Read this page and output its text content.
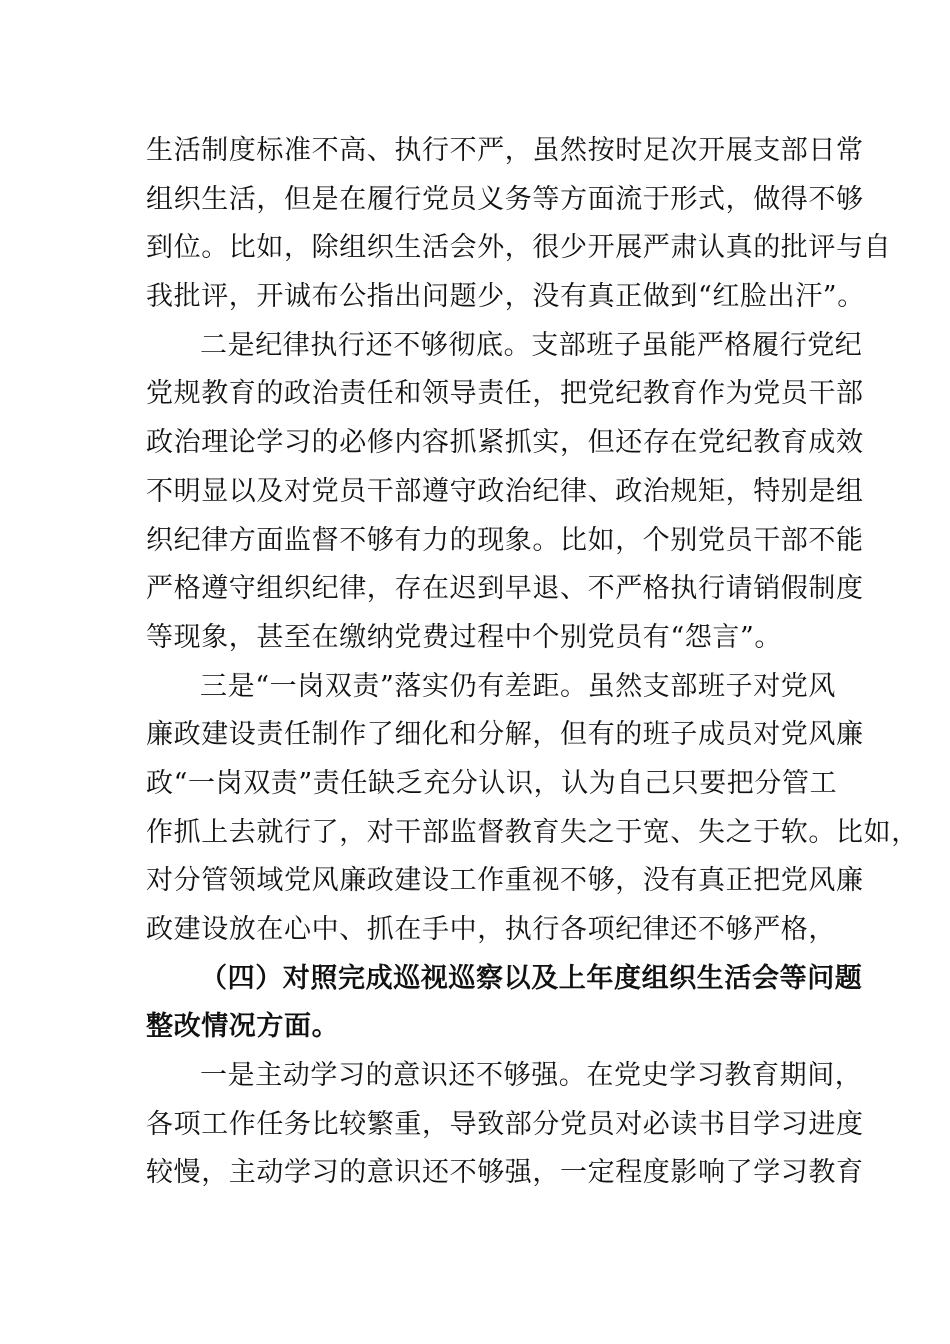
生活制度标准不高、执行不严，虽然按时足次开展支部日常
组织生活，但是在履行党员义务等方面流于形式，做得不够
到位。比如，除组织生活会外，很少开展严肃认真的批评与自
我批评，开诚布公指出问题少，没有真正做到“红脸出汗”。
二是纪律执行还不够彻底。支部班子虽能严格履行党纪
党规教育的政治责任和领导责任，把党纪教育作为党员干部
政治理论学习的必修内容抓紧抓实，但还存在党纪教育成效
不明显以及对党员干部遵守政治纪律、政治规矩，特别是组
织纪律方面监督不够有力的现象。比如，个别党员干部不能
严格遵守组织纪律，存在迟到早退、不严格执行请销假制度
等现象，甚至在缴纳党费过程中个别党员有“怨言”。
三是“一岗双责”落实仍有差距。虽然支部班子对党风
廉政建设责任制作了细化和分解，但有的班子成员对党风廉
政“一岗双责”责任缺乏充分认识，认为自己只要把分管工
作抓上去就行了，对干部监督教育失之于宽、失之于软。比如，
对分管领域党风廉政建设工作重视不够，没有真正把党风廉
政建设放在心中、抓在手中，执行各项纪律还不够严格，
（四）对照完成巡视巡察以及上年度组织生活会等问题
整改情况方面。
一是主动学习的意识还不够强。在党史学习教育期间，
各项工作任务比较繁重，导致部分党员对必读书目学习进度
较慢，主动学习的意识还不够强，一定程度影响了学习教育
